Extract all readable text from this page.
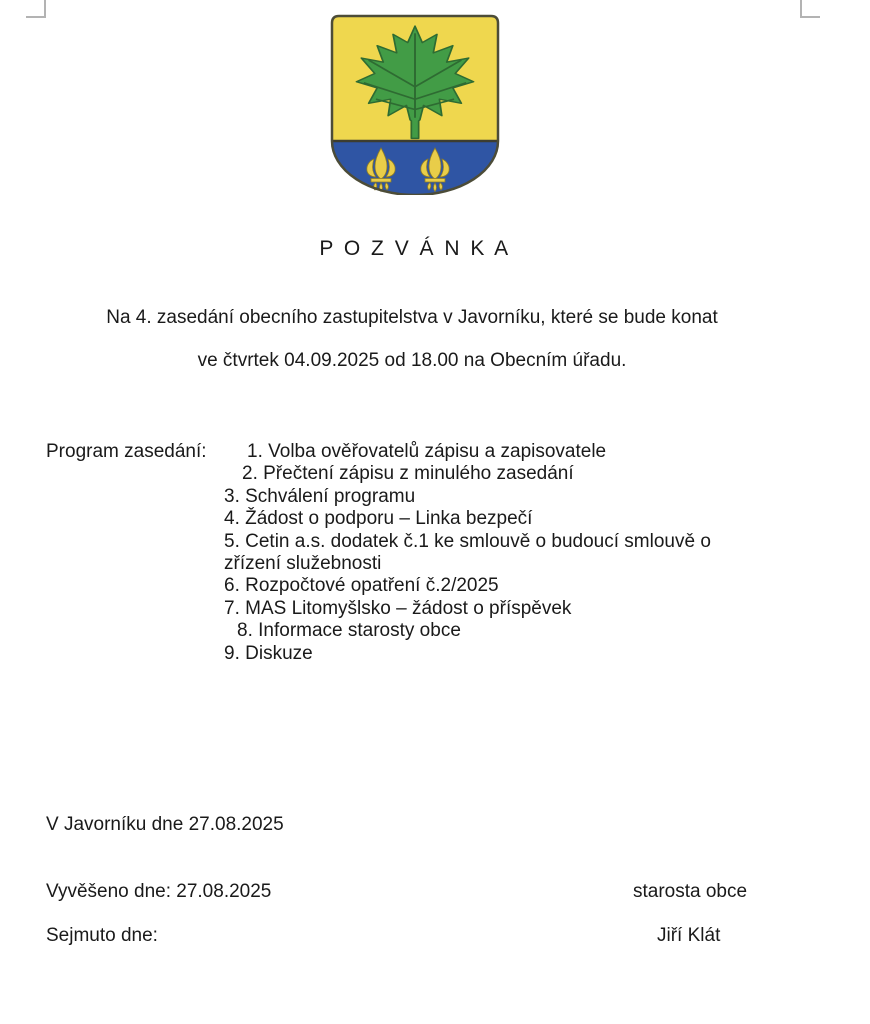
P O Z V Á N K A
Na 4. zasedání obecního zastupitelstva v Javorníku, které se bude konat
ve čtvrtek 04.09.2025 od 18.00 na Obecním úřadu.
Program zasedání: 1. Volba ověřovatelů zápisu a zapisovatele
2. Přečtení zápisu z minulého zasedání
3. Schválení programu
4. Žádost o podporu – Linka bezpečí
5. Cetin a.s. dodatek č.1 ke smlouvě o budoucí smlouvě o
zřízení služebnosti
6. Rozpočtové opatření č.2/2025
7. MAS Litomyšlsko – žádost o příspěvek
8. Informace starosty obce
9. Diskuze
V Javorníku dne 27.08.2025
Vyvěšeno dne: 27.08.2025	starosta obce
Sejmuto dne:	Jiří Klát
